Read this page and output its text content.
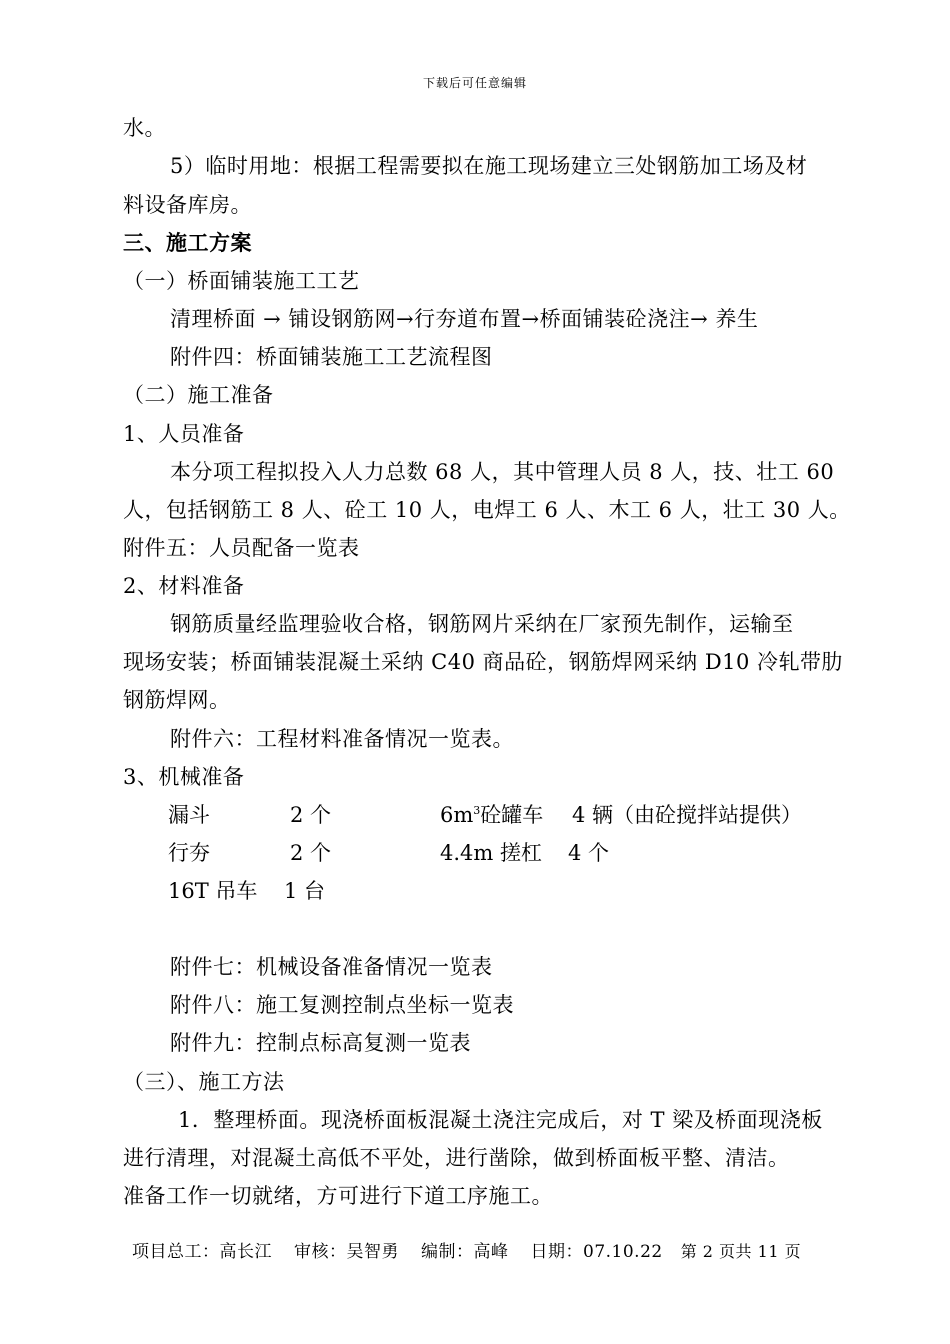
下载后可任意编辑
水。
5）临时用地：根据工程需要拟在施工现场建立三处钢筋加工场及材
料设备库房。
三、施工方案
（一）桥面铺装施工工艺
清理桥面 → 铺设钢筋网→行夯道布置→桥面铺装砼浇注→ 养生
附件四：桥面铺装施工工艺流程图
（二）施工准备
1、人员准备
本分项工程拟投入人力总数 68 人，其中管理人员 8 人，技、壮工 60
人，包括钢筋工 8 人、砼工 10 人，电焊工 6 人、木工 6 人，壮工 30 人。
附件五：人员配备一览表
2、材料准备
钢筋质量经监理验收合格，钢筋网片采纳在厂家预先制作，运输至
现场安装；桥面铺装混凝土采纳 C40 商品砼，钢筋焊网采纳 D10 冷轧带肋
钢筋焊网。
附件六：工程材料准备情况一览表。
3、机械准备
漏斗	2 个	$6m^3$砼罐车 4 辆（由砼搅拌站提供）
行夯	2 个	4.4m 搓杠 4 个
16T 吊车 1 台
附件七：机械设备准备情况一览表
附件八：施工复测控制点坐标一览表
附件九：控制点标高复测一览表
（三）、施工方法
1．整理桥面。现浇桥面板混凝土浇注完成后，对 T 梁及桥面现浇板
进行清理，对混凝土高低不平处，进行凿除，做到桥面板平整、清洁。
准备工作一切就绪，方可进行下道工序施工。
项目总工：高长江 审核：吴智勇 编制：高峰 日期：07.10.22 第 2 页共 11 页
